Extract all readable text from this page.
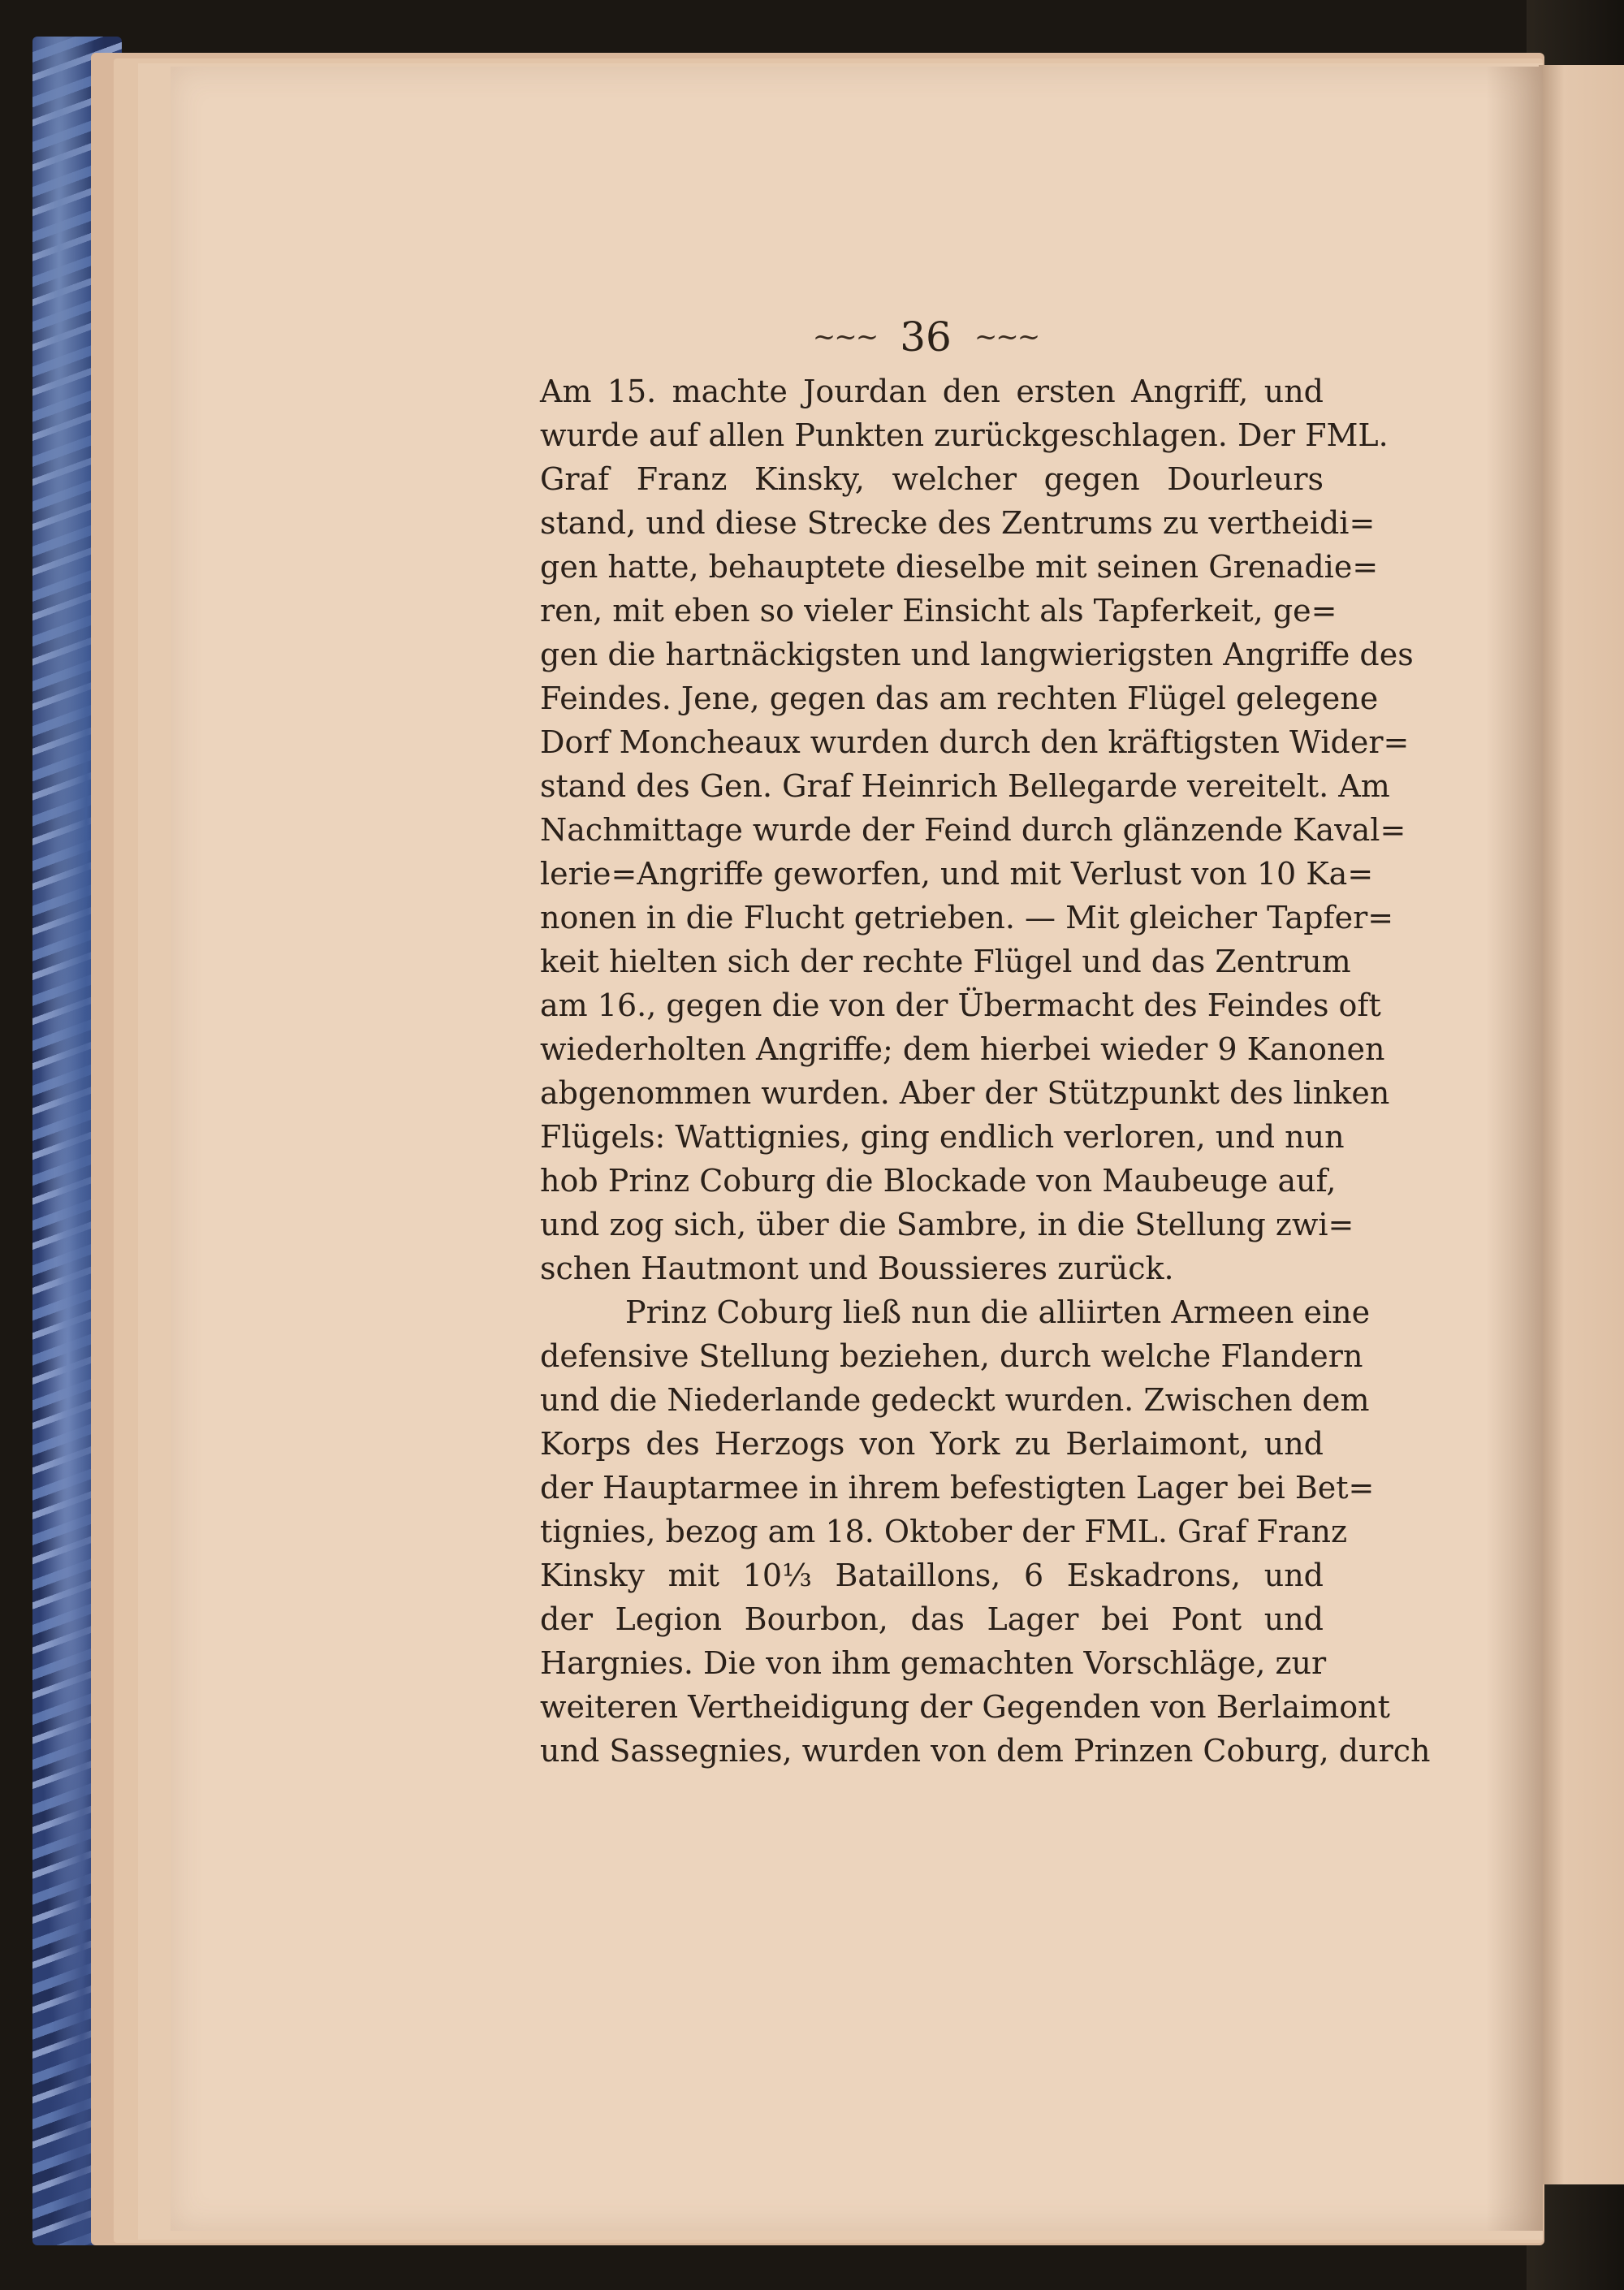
~~~ 36 ~~~
Am 15. machte Jourdan den ersten Angriff, und
wurde auf allen Punkten zurückgeschlagen. Der FML.
Graf Franz Kinsky, welcher gegen Dourleurs
stand, und diese Strecke des Zentrums zu vertheidi=
gen hatte, behauptete dieselbe mit seinen Grenadie=
ren, mit eben so vieler Einsicht als Tapferkeit, ge=
gen die hartnäckigsten und langwierigsten Angriffe des
Feindes. Jene, gegen das am rechten Flügel gelegene
Dorf Moncheaux wurden durch den kräftigsten Wider=
stand des Gen. Graf Heinrich Bellegarde vereitelt. Am
Nachmittage wurde der Feind durch glänzende Kaval=
lerie=Angriffe geworfen, und mit Verlust von 10 Ka=
nonen in die Flucht getrieben. — Mit gleicher Tapfer=
keit hielten sich der rechte Flügel und das Zentrum
am 16., gegen die von der Übermacht des Feindes oft
wiederholten Angriffe; dem hierbei wieder 9 Kanonen
abgenommen wurden. Aber der Stützpunkt des linken
Flügels: Wattignies, ging endlich verloren, und nun
hob Prinz Coburg die Blockade von Maubeuge auf,
und zog sich, über die Sambre, in die Stellung zwi=
schen Hautmont und Boussieres zurück.
Prinz Coburg ließ nun die alliirten Armeen eine
defensive Stellung beziehen, durch welche Flandern
und die Niederlande gedeckt wurden. Zwischen dem
Korps des Herzogs von York zu Berlaimont, und
der Hauptarmee in ihrem befestigten Lager bei Bet=
tignies, bezog am 18. Oktober der FML. Graf Franz
Kinsky mit 10⅓ Bataillons, 6 Eskadrons, und
der Legion Bourbon, das Lager bei Pont und
Hargnies. Die von ihm gemachten Vorschläge, zur
weiteren Vertheidigung der Gegenden von Berlaimont
und Sassegnies, wurden von dem Prinzen Coburg, durch
